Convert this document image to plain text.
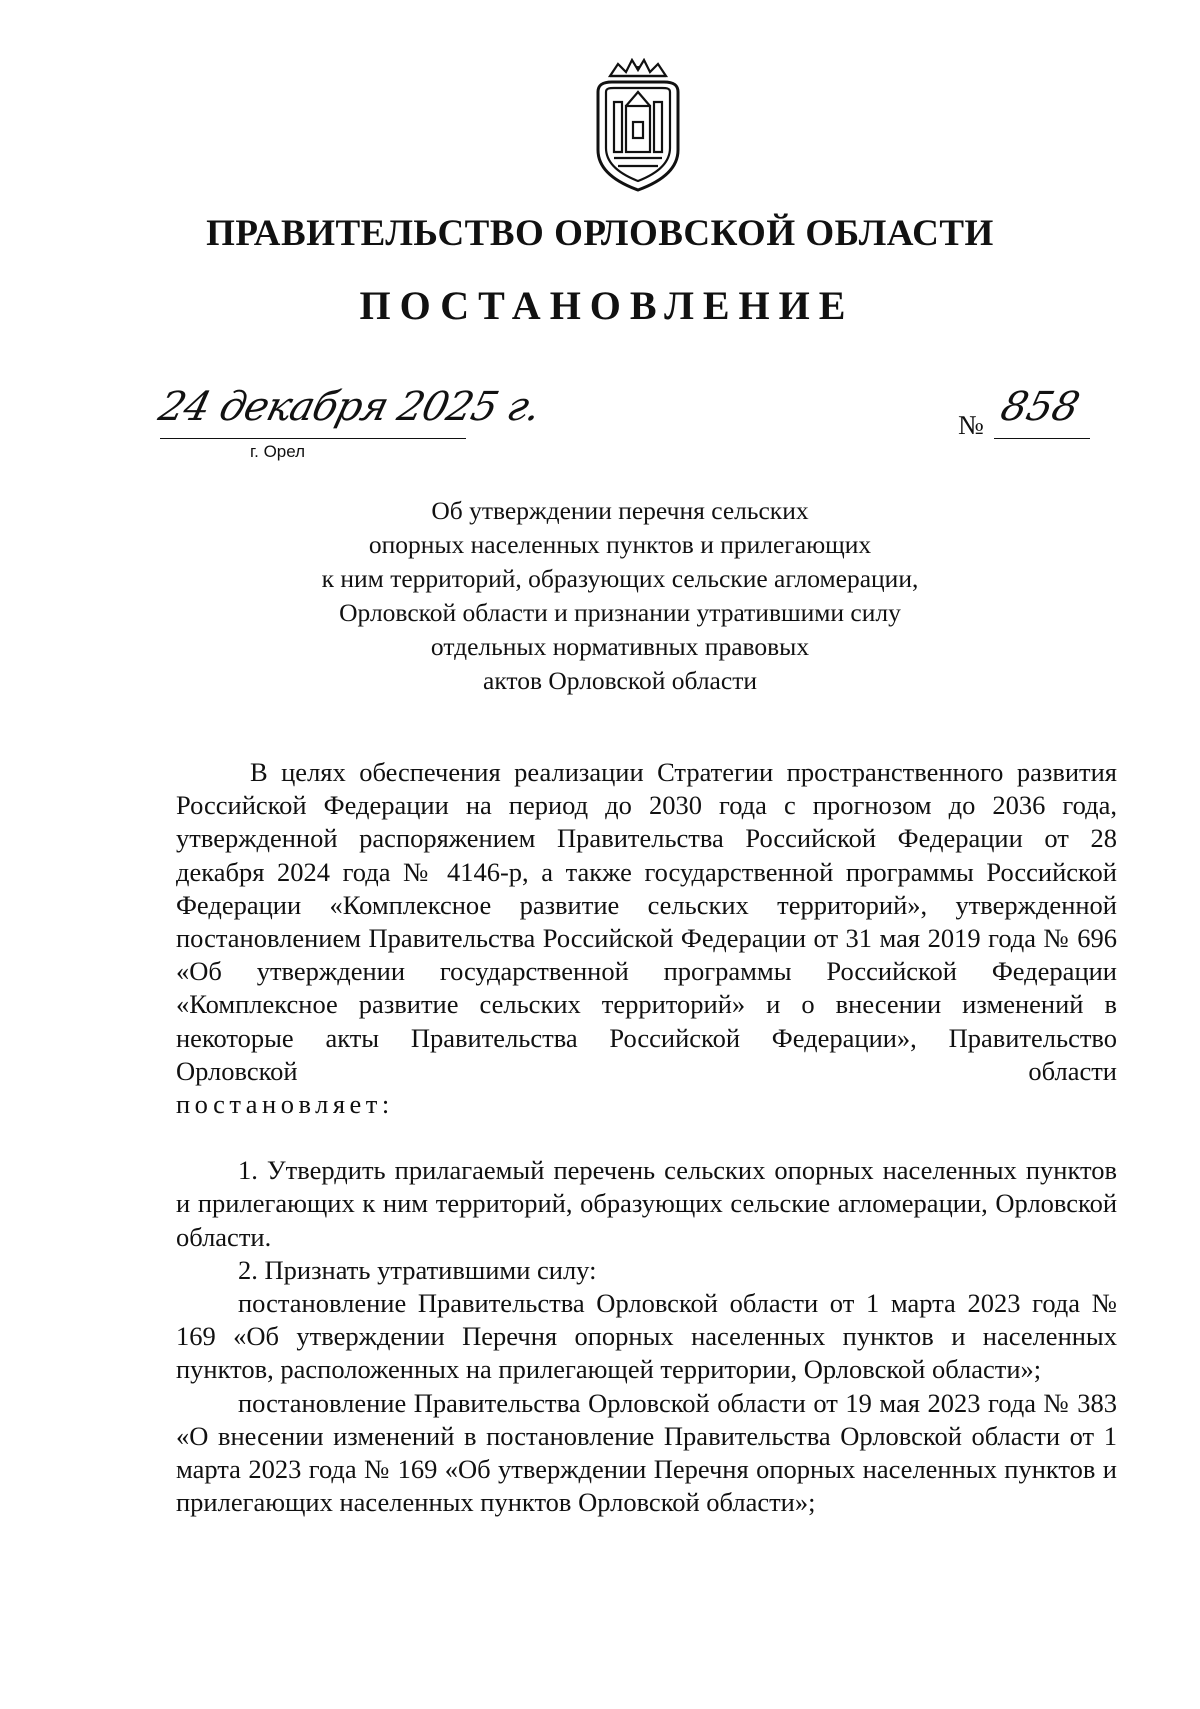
ПРАВИТЕЛЬСТВО ОРЛОВСКОЙ ОБЛАСТИ
ПОСТАНОВЛЕНИЕ
24 декабря 2025 г.
г. Орел
№ 858
Об утверждении перечня сельских
опорных населенных пунктов и прилегающих
к ним территорий, образующих сельские агломерации,
Орловской области и признании утратившими силу
отдельных нормативных правовых
актов Орловской области

В целях обеспечения реализации Стратегии пространственного развития Российской Федерации на период до 2030 года с прогнозом до 2036 года, утвержденной распоряжением Правительства Российской Федерации от 28 декабря 2024 года № 4146-р, а также государственной программы Российской Федерации «Комплексное развитие сельских территорий», утвержденной постановлением Правительства Российской Федерации от 31 мая 2019 года № 696 «Об утверждении государственной программы Российской Федерации «Комплексное развитие сельских территорий» и о внесении изменений в некоторые акты Правительства Российской Федерации», Правительство Орловской области

постановляет:

1. Утвердить прилагаемый перечень сельских опорных населенных пунктов и прилегающих к ним территорий, образующих сельские агломерации, Орловской области.

2. Признать утратившими силу:

постановление Правительства Орловской области от 1 марта 2023 года № 169 «Об утверждении Перечня опорных населенных пунктов и населенных пунктов, расположенных на прилегающей территории, Орловской области»;

постановление Правительства Орловской области от 19 мая 2023 года № 383 «О внесении изменений в постановление Правительства Орловской области от 1 марта 2023 года № 169 «Об утверждении Перечня опорных населенных пунктов и прилегающих населенных пунктов Орловской области»;
